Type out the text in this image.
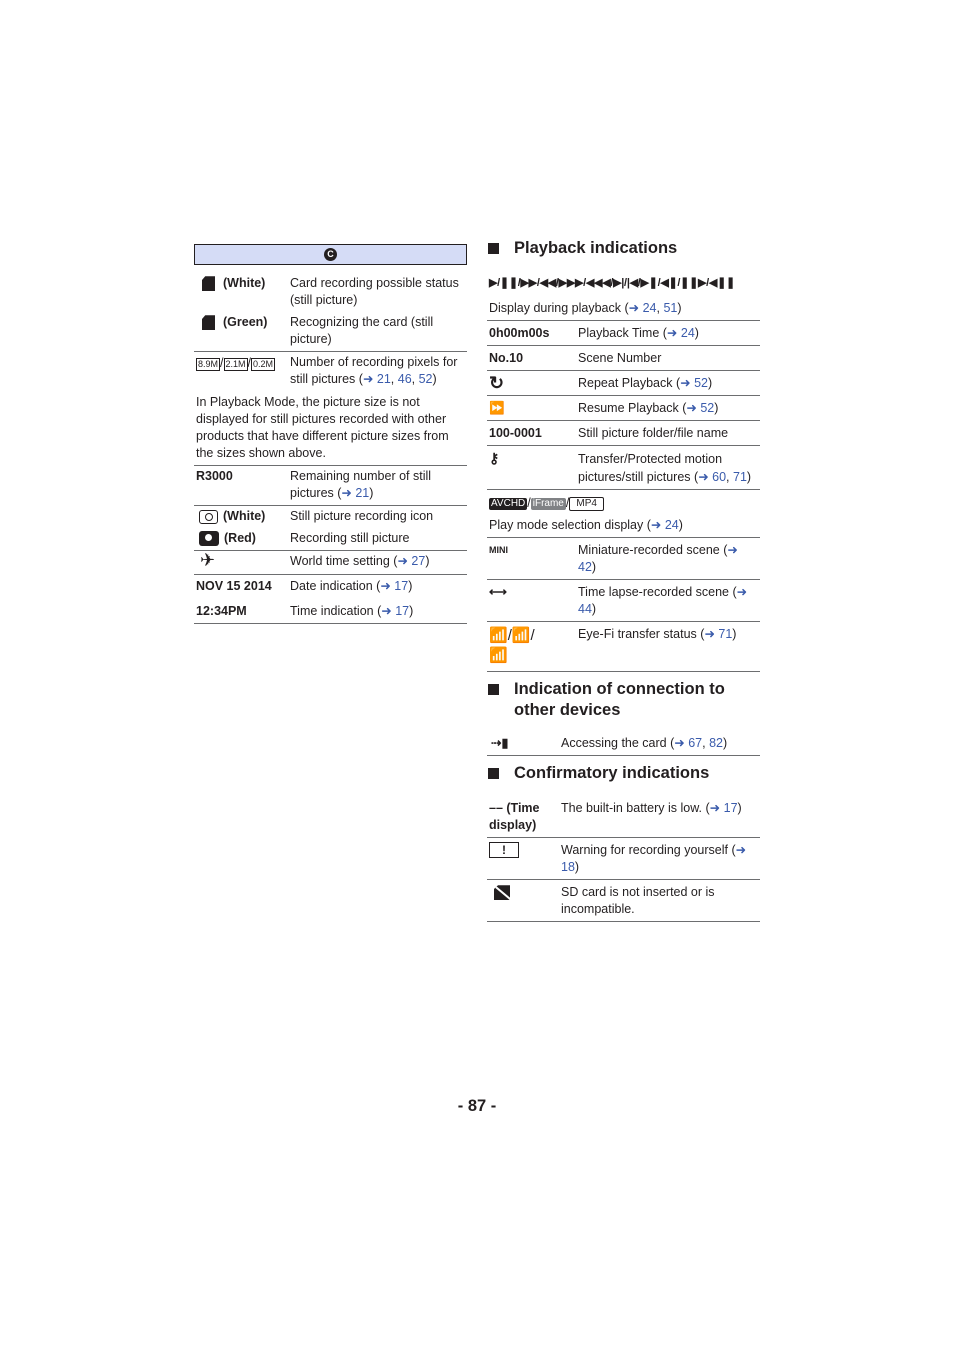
C
(White)	Card recording possible status (still picture)
(Green)	Recognizing the card (still picture)
8.9M / 2.1M / 0.2M	Number of recording pixels for still pictures (➜ 21, 46, 52)
In Playback Mode, the picture size is not displayed for still pictures recorded with other products that have different picture sizes from the sizes shown above.
R3000	Remaining number of still pictures (➜ 21)
(White)	Still picture recording icon
(Red)	Recording still picture
✈	World time setting (➜ 27)
NOV 15 2014	Date indication (➜ 17)
12:34PM	Time indication (➜ 17)
Playback indications
▶/❚❚/▶▶/◀◀/▶▶▶/◀◀◀/▶|/|◀/▶❚/◀❚/❚❚▶/◀❚❚
Display during playback (➜ 24, 51)
0h00m00s	Playback Time (➜ 24)
No.10	Scene Number
↻	Repeat Playback (➜ 52)
⏩	Resume Playback (➜ 52)
100-0001	Still picture folder/file name
⚷	Transfer/Protected motion pictures/still pictures (➜ 60, 71)
AVCHD / iFrame / MP4
Play mode selection display (➜ 24)
MINI	Miniature-recorded scene (➜ 42)
⟷	Time lapse-recorded scene (➜ 44)
📶/📶/
📶	Eye-Fi transfer status (➜ 71)
Indication of connection to other devices
⇢▮	Accessing the card (➜ 67, 82)
Confirmatory indications
–– (Time display)	The built-in battery is low. (➜ 17)
!	Warning for recording yourself (➜ 18)
	SD card is not inserted or is incompatible.
- 87 -
